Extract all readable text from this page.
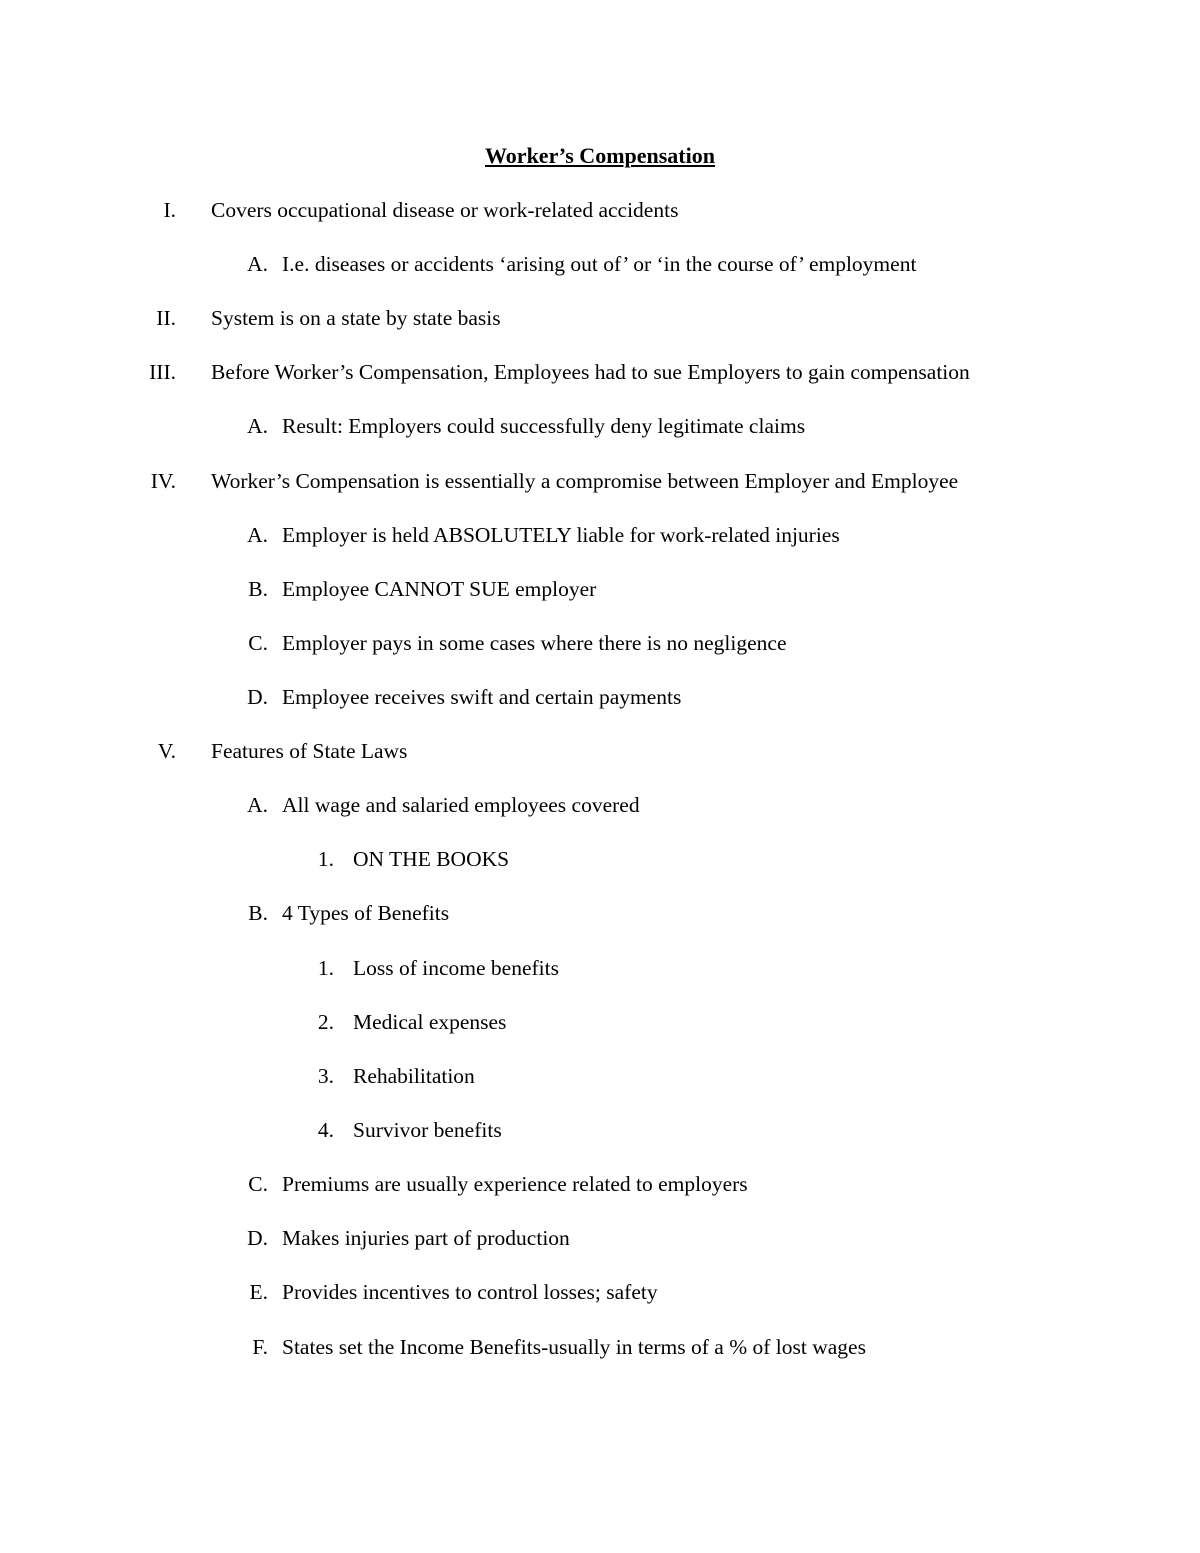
Worker’s Compensation
I. Covers occupational disease or work-related accidents
A. I.e. diseases or accidents ‘arising out of’ or ‘in the course of’ employment
II. System is on a state by state basis
III. Before Worker’s Compensation, Employees had to sue Employers to gain compensation
A. Result: Employers could successfully deny legitimate claims
IV. Worker’s Compensation is essentially a compromise between Employer and Employee
A. Employer is held ABSOLUTELY liable for work-related injuries
B. Employee CANNOT SUE employer
C. Employer pays in some cases where there is no negligence
D. Employee receives swift and certain payments
V. Features of State Laws
A. All wage and salaried employees covered
1. ON THE BOOKS
B. 4 Types of Benefits
1. Loss of income benefits
2. Medical expenses
3. Rehabilitation
4. Survivor benefits
C. Premiums are usually experience related to employers
D. Makes injuries part of production
E. Provides incentives to control losses; safety
F. States set the Income Benefits-usually in terms of a % of lost wages
